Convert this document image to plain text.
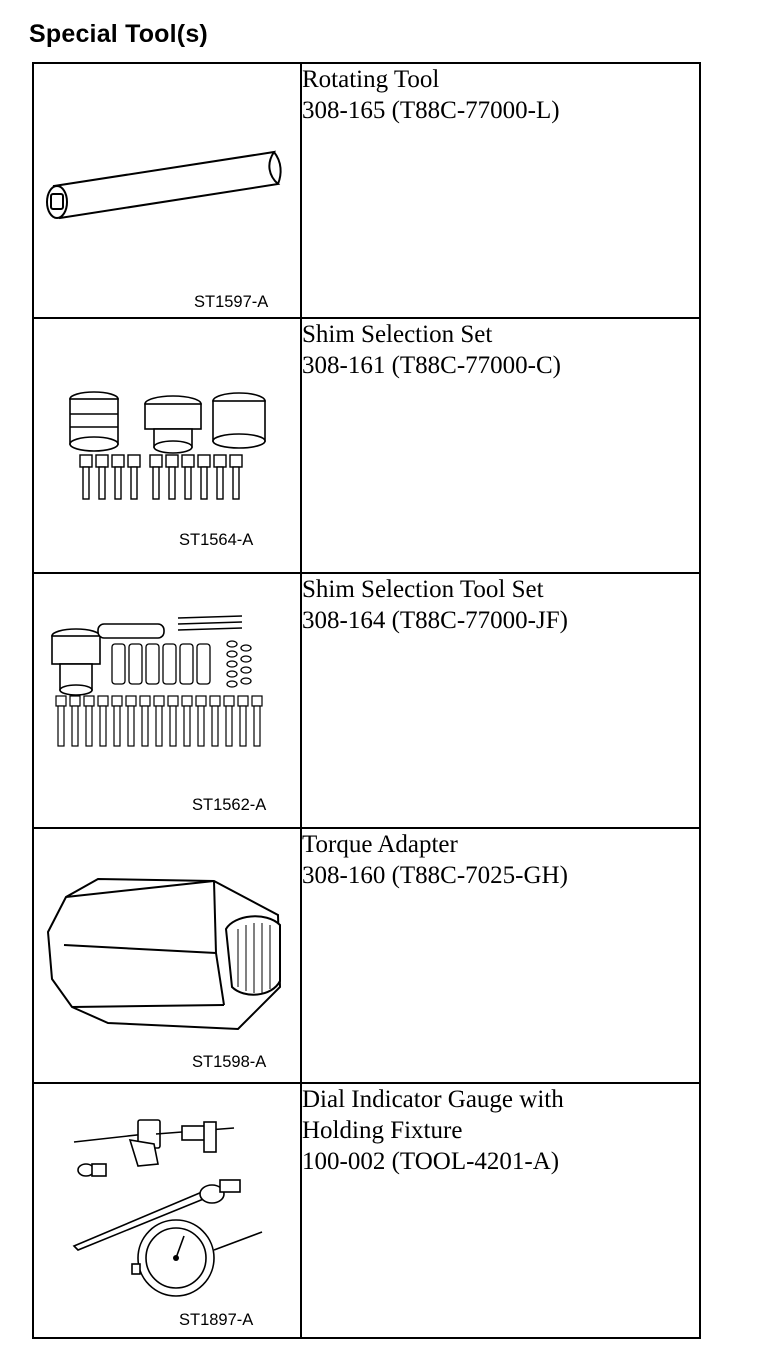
Special Tool(s)
ST1597-A	Rotating Tool
308-165 (T88C-77000-L)

ST1564-A	Shim Selection Set
308-161 (T88C-77000-C)

ST1562-A	Shim Selection Tool Set
308-164 (T88C-77000-JF)

ST1598-A	Torque Adapter
308-160 (T88C-7025-GH)

ST1897-A	Dial Indicator Gauge with
Holding Fixture
100-002 (TOOL-4201-A)
